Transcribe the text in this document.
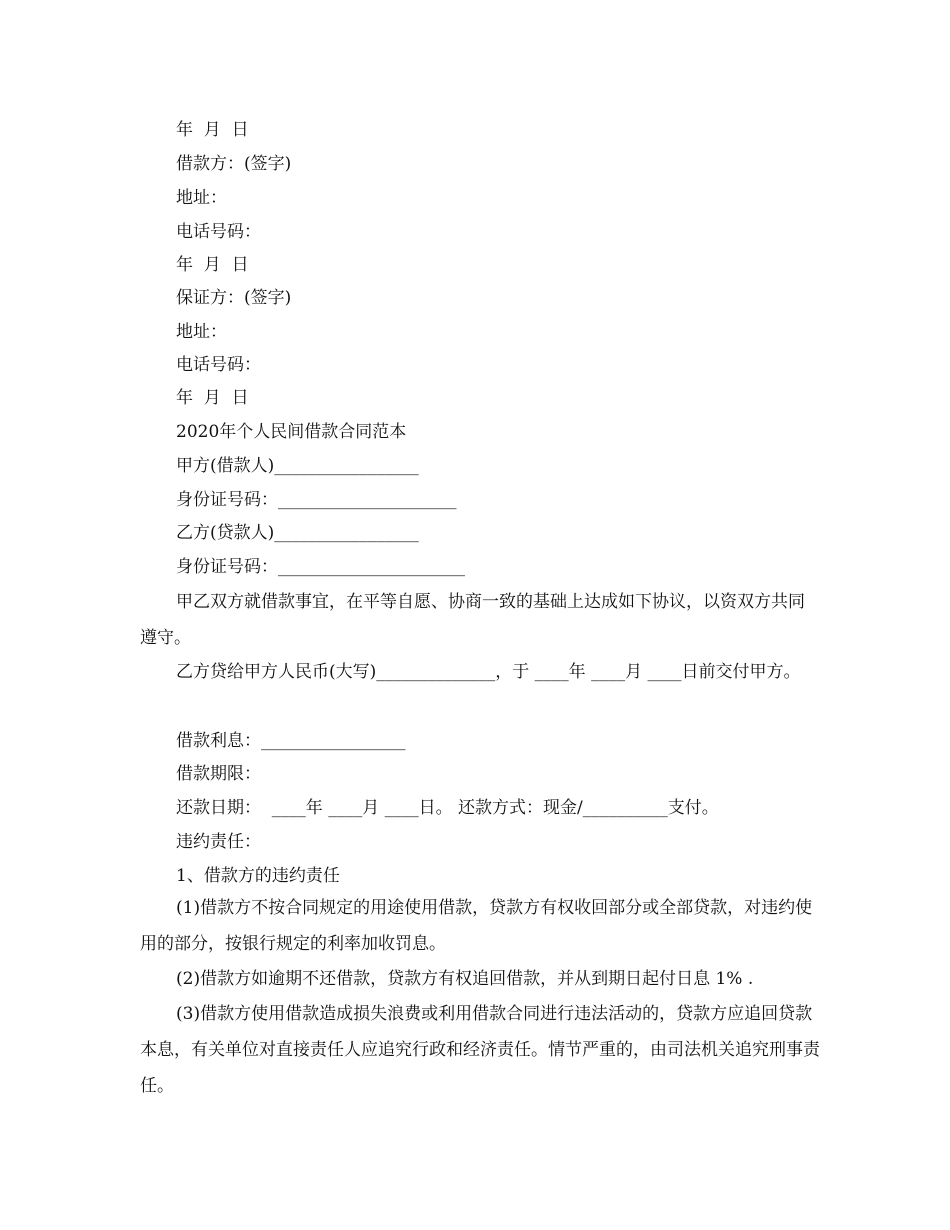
年  月  日
借款方：(签字)
地址：
电话号码：
年  月  日
保证方：(签字)
地址：
电话号码：
年  月  日
2020年个人民间借款合同范本
甲方(借款人)_________________
身份证号码：_____________________
乙方(贷款人)_________________
身份证号码：______________________
甲乙双方就借款事宜，在平等自愿、协商一致的基础上达成如下协议，以资双方共同遵守。
乙方贷给甲方人民币(大写)______________，于 ____年 ____月 ____日前交付甲方。
借款利息：_________________
借款期限：
还款日期：  ____年 ____月 ____日。 还款方式：现金/__________支付。
违约责任：
1、借款方的违约责任
(1)借款方不按合同规定的用途使用借款，贷款方有权收回部分或全部贷款，对违约使用的部分，按银行规定的利率加收罚息。
(2)借款方如逾期不还借款，贷款方有权追回借款，并从到期日起付日息 1% .
(3)借款方使用借款造成损失浪费或利用借款合同进行违法活动的，贷款方应追回贷款本息，有关单位对直接责任人应追究行政和经济责任。情节严重的，由司法机关追究刑事责任。
